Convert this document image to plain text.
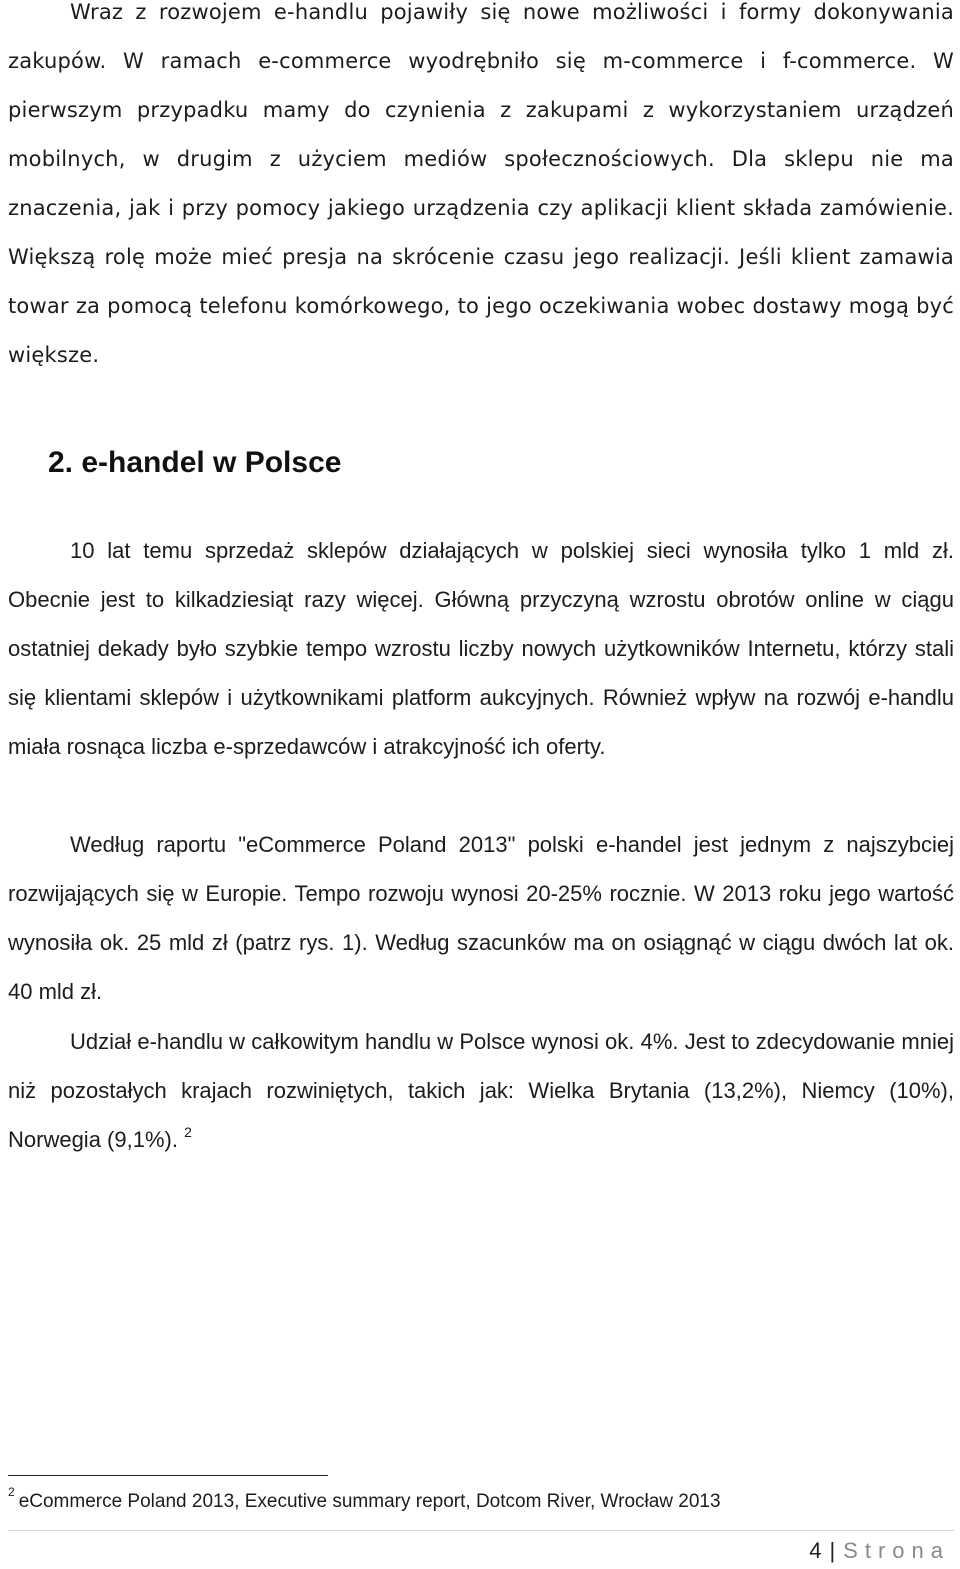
Wraz z rozwojem e-handlu pojawiły się nowe możliwości i formy dokonywania zakupów. W ramach e-commerce wyodrębniło się m-commerce i f-commerce. W pierwszym przypadku mamy do czynienia z zakupami z wykorzystaniem urządzeń mobilnych, w drugim z użyciem mediów społecznościowych. Dla sklepu nie ma znaczenia, jak i przy pomocy jakiego urządzenia czy aplikacji klient składa zamówienie. Większą rolę może mieć presja na skrócenie czasu jego realizacji. Jeśli klient zamawia towar za pomocą telefonu komórkowego, to jego oczekiwania wobec dostawy mogą być większe.

2. e-handel w Polsce

10 lat temu sprzedaż sklepów działających w polskiej sieci wynosiła tylko 1 mld zł. Obecnie jest to kilkadziesiąt razy więcej. Główną przyczyną wzrostu obrotów online w ciągu ostatniej dekady było szybkie tempo wzrostu liczby nowych użytkowników Internetu, którzy stali się klientami sklepów i użytkownikami platform aukcyjnych. Również wpływ na rozwój e-handlu miała rosnąca liczba e-sprzedawców i atrakcyjność ich oferty.

Według raportu "eCommerce Poland 2013" polski e-handel jest jednym z najszybciej rozwijających się w Europie. Tempo rozwoju wynosi 20-25% rocznie. W 2013 roku jego wartość wynosiła ok. 25 mld zł (patrz rys. 1). Według szacunków ma on osiągnąć w ciągu dwóch lat ok. 40 mld zł.

Udział e-handlu w całkowitym handlu w Polsce wynosi ok. 4%. Jest to zdecydowanie mniej niż pozostałych krajach rozwiniętych, takich jak: Wielka Brytania (13,2%), Niemcy (10%), Norwegia (9,1%). $^2$

$^2$ eCommerce Poland 2013, Executive summary report, Dotcom River, Wrocław 2013
4 | Strona
